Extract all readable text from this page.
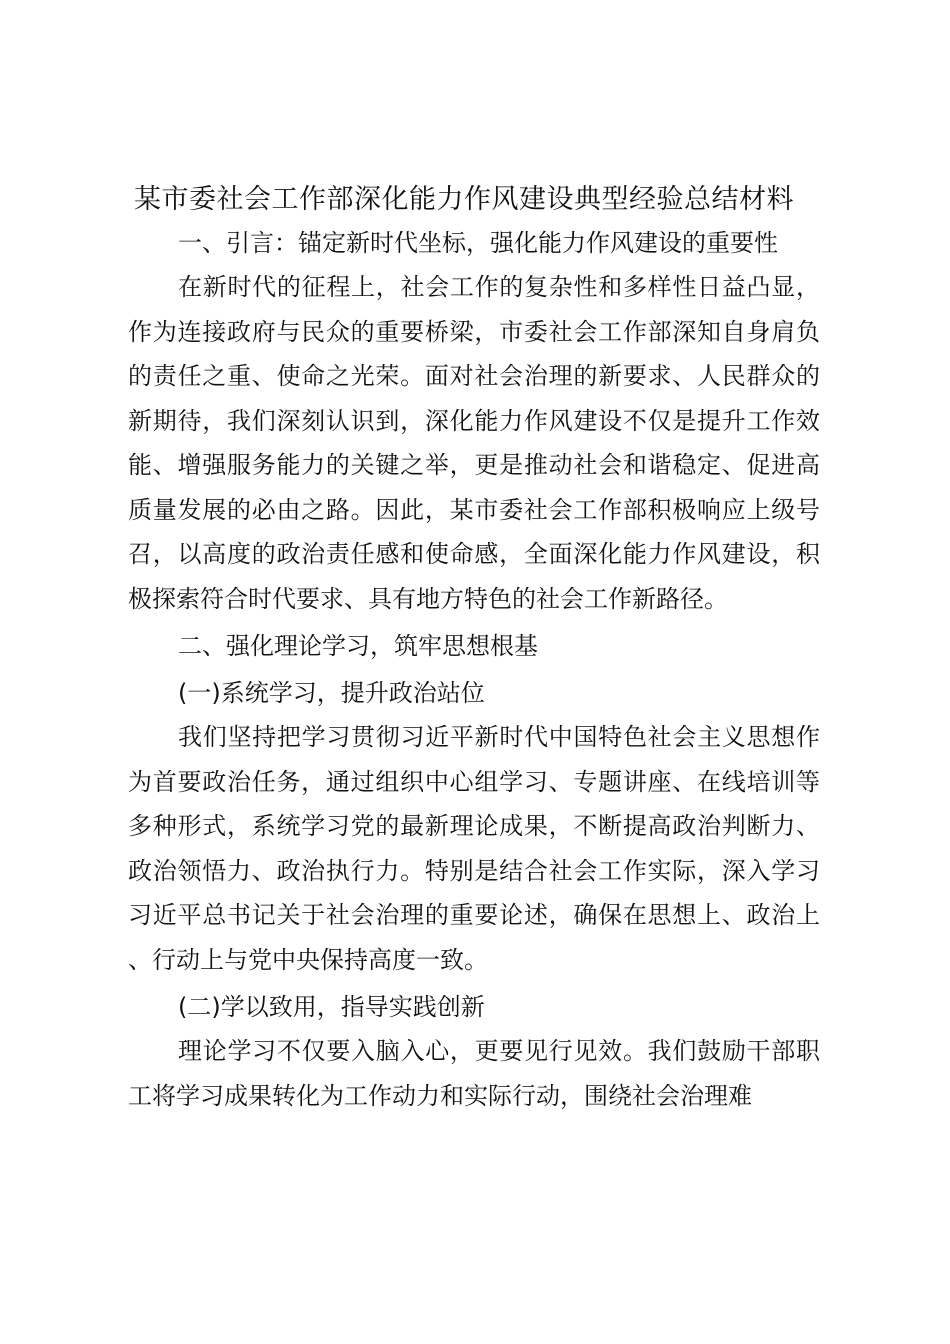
某市委社会工作部深化能力作风建设典型经验总结材料

一、引言：锚定新时代坐标，强化能力作风建设的重要性

在新时代的征程上，社会工作的复杂性和多样性日益凸显，作为连接政府与民众的重要桥梁，市委社会工作部深知自身肩负的责任之重、使命之光荣。面对社会治理的新要求、人民群众的新期待，我们深刻认识到，深化能力作风建设不仅是提升工作效能、增强服务能力的关键之举，更是推动社会和谐稳定、促进高质量发展的必由之路。因此，某市委社会工作部积极响应上级号召，以高度的政治责任感和使命感，全面深化能力作风建设，积极探索符合时代要求、具有地方特色的社会工作新路径。

二、强化理论学习，筑牢思想根基

(一)系统学习，提升政治站位

我们坚持把学习贯彻习近平新时代中国特色社会主义思想作为首要政治任务，通过组织中心组学习、专题讲座、在线培训等多种形式，系统学习党的最新理论成果，不断提高政治判断力、政治领悟力、政治执行力。特别是结合社会工作实际，深入学习习近平总书记关于社会治理的重要论述，确保在思想上、政治上、行动上与党中央保持高度一致。

(二)学以致用，指导实践创新

理论学习不仅要入脑入心，更要见行见效。我们鼓励干部职工将学习成果转化为工作动力和实际行动，围绕社会治理难
